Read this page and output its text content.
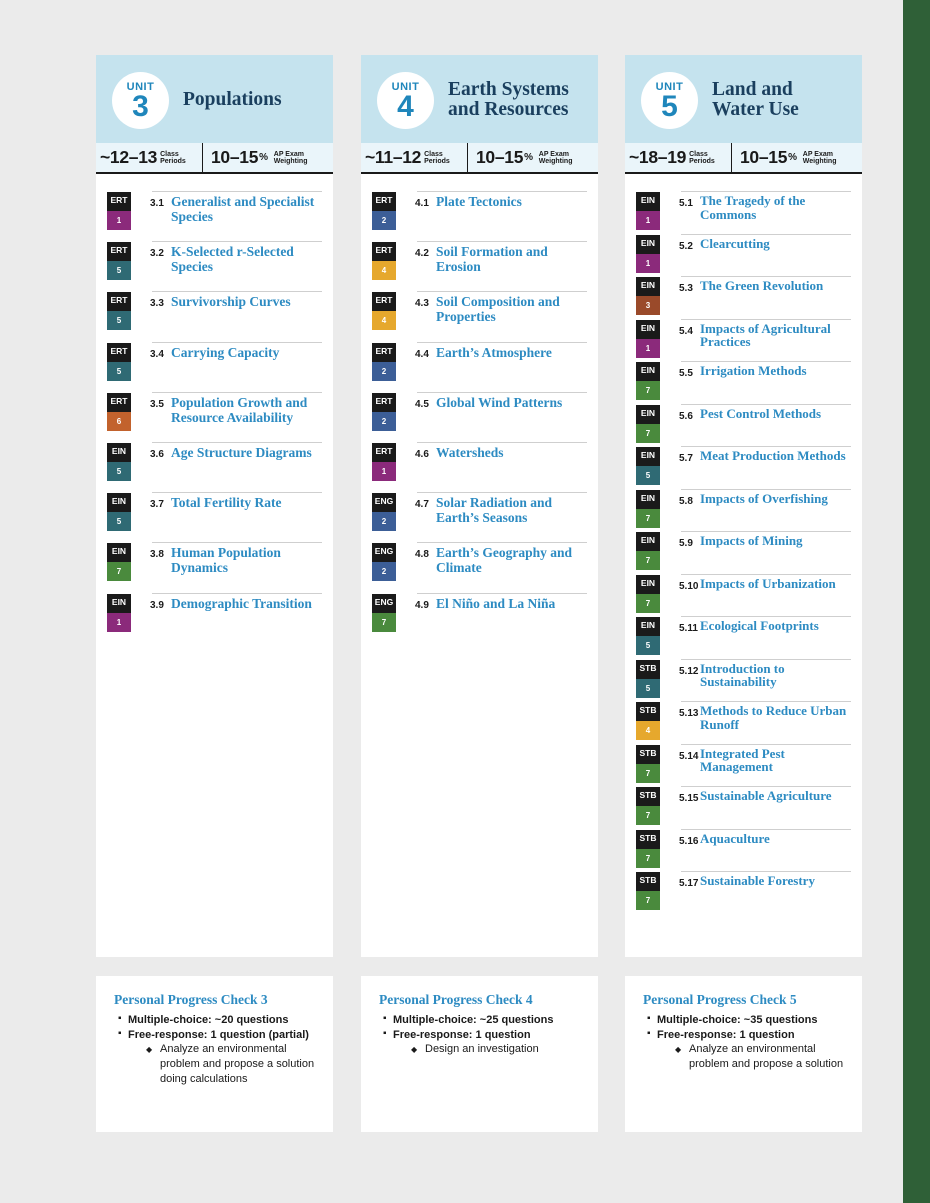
UNIT
3	Populations
~12–13 Class
Periods 10–15 % AP Exam
Weighting
ERT
1
3.1 Generalist and Specialist Species
ERT
5
3.2 K-Selected r-Selected Species
ERT
5
3.3 Survivorship Curves
ERT
5
3.4 Carrying Capacity
ERT
6
3.5 Population Growth and Resource Availability
EIN
5
3.6 Age Structure Diagrams
EIN
5
3.7 Total Fertility Rate
EIN
7
3.8 Human Population Dynamics
EIN
1
3.9 Demographic Transition
Personal Progress Check 3
▪ Multiple-choice: ~20 questions
▪ Free-response: 1 question (partial)
◆ Analyze an environmental problem and propose a solution doing calculations
UNIT
4
Earth Systems
and Resources
~11–12 Class
Periods 10–15 % AP Exam
Weighting
ERT
2
4.1 Plate Tectonics
ERT
4
4.2 Soil Formation and Erosion
ERT
4
4.3 Soil Composition and Properties
ERT
2
4.4 Earth’s Atmosphere
ERT
2
4.5 Global Wind Patterns
ERT
1
4.6 Watersheds
ENG
2
4.7 Solar Radiation and Earth’s Seasons
ENG
2
4.8 Earth’s Geography and Climate
ENG
7
4.9 El Niño and La Niña
Personal Progress Check 4
▪ Multiple-choice: ~25 questions
▪ Free-response: 1 question
◆ Design an investigation
UNIT
5
Land and
Water Use
~18–19 Class
Periods 10–15 % AP Exam
Weighting
EIN
1
5.1 The Tragedy of the Commons
EIN
1
5.2 Clearcutting
EIN
3
5.3 The Green Revolution
EIN
1
5.4 Impacts of Agricultural Practices
EIN
7
5.5 Irrigation Methods
EIN
7
5.6 Pest Control Methods
EIN
5
5.7 Meat Production Methods
EIN
7
5.8 Impacts of Overfishing
EIN
7
5.9 Impacts of Mining
EIN
7
5.10 Impacts of Urbanization
EIN
5
5.11 Ecological Footprints
STB
5
5.12 Introduction to Sustainability
STB
4
5.13 Methods to Reduce Urban Runoff
STB
7
5.14 Integrated Pest Management
STB
7
5.15 Sustainable Agriculture
STB
7
5.16 Aquaculture
STB
7
5.17 Sustainable Forestry
Personal Progress Check 5
▪ Multiple-choice: ~35 questions
▪ Free-response: 1 question
◆ Analyze an environmental problem and propose a solution
